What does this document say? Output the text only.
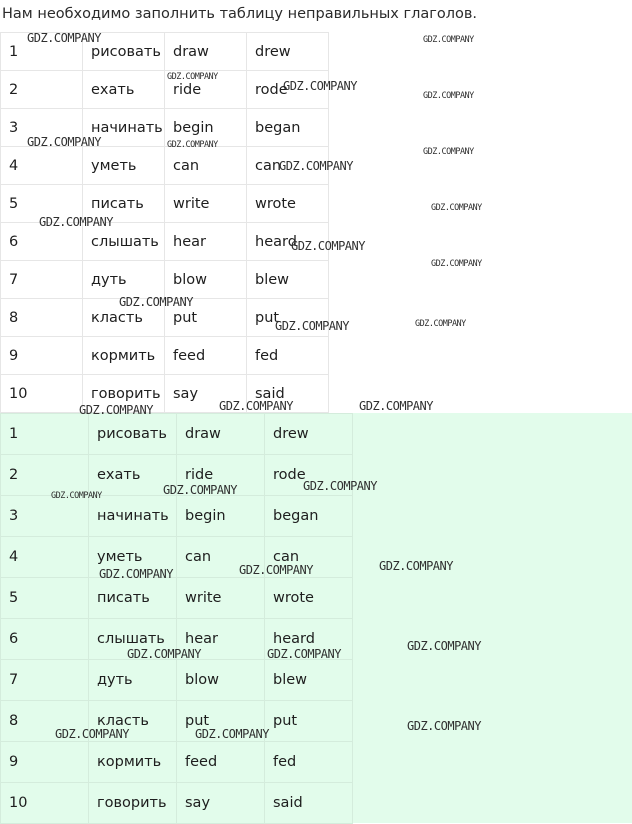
Нам необходимо заполнить таблицу неправильных глаголов.
1	рисовать	draw	drew
2	ехать	ride	rode
3	начинать	begin	began
4	уметь	can	can
5	писать	write	wrote
6	слышать	hear	heard
7	дуть	blow	blew
8	класть	put	put
9	кормить	feed	fed
10	говорить	say	said
1	рисовать	draw	drew
2	ехать	ride	rode
3	начинать	begin	began
4	уметь	can	can
5	писать	write	wrote
6	слышать	hear	heard
7	дуть	blow	blew
8	класть	put	put
9	кормить	feed	fed
10	говорить	say	said
GDZ.COMPANY	GDZ.COMPANY
GDZ.COMPANY
GDZ.COMPANY
GDZ.COMPANY
GDZ.COMPANY	GDZ.COMPANY
GDZ.COMPANY
GDZ.COMPANY
GDZ.COMPANY
GDZ.COMPANY
GDZ.COMPANY
GDZ.COMPANY
GDZ.COMPANY
GDZ.COMPANY	GDZ.COMPANY
GDZ.COMPANY	GDZ.COMPANY	GDZ.COMPANY
GDZ.COMPANY	GDZ.COMPANY	GDZ.COMPANY
GDZ.COMPANY	GDZ.COMPANY	GDZ.COMPANY
GDZ.COMPANY	GDZ.COMPANY
GDZ.COMPANY
GDZ.COMPANY	GDZ.COMPANY
GDZ.COMPANY
